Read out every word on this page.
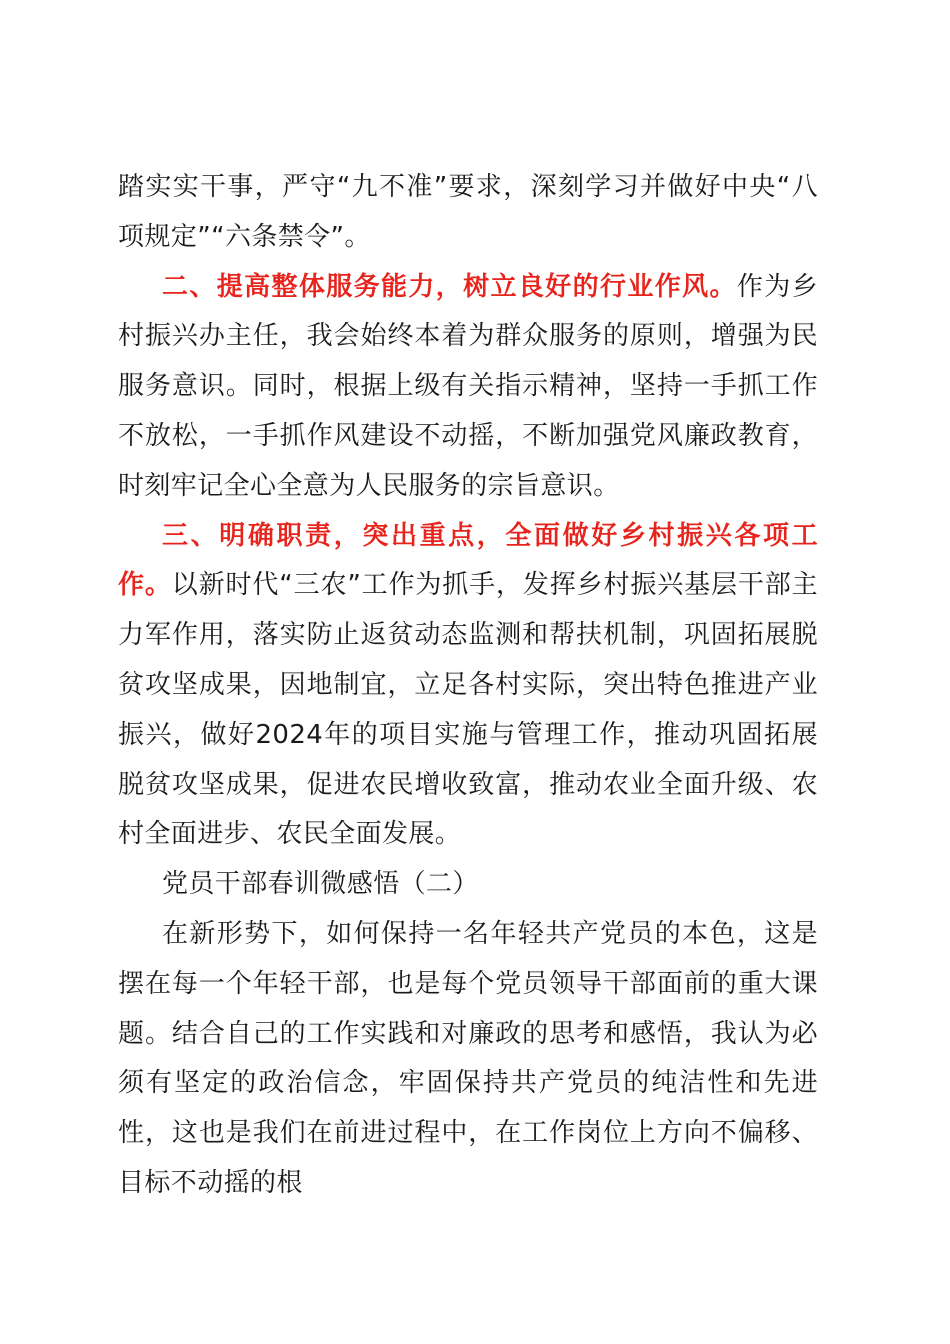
踏实实干事，严守“九不准”要求，深刻学习并做好中央“八项规定”“六条禁令”。

二、提高整体服务能力，树立良好的行业作风。作为乡村振兴办主任，我会始终本着为群众服务的原则，增强为民服务意识。同时，根据上级有关指示精神，坚持一手抓工作不放松，一手抓作风建设不动摇，不断加强党风廉政教育，时刻牢记全心全意为人民服务的宗旨意识。

三、明确职责，突出重点，全面做好乡村振兴各项工作。以新时代“三农”工作为抓手，发挥乡村振兴基层干部主力军作用，落实防止返贫动态监测和帮扶机制，巩固拓展脱贫攻坚成果，因地制宜，立足各村实际，突出特色推进产业振兴，做好2024年的项目实施与管理工作，推动巩固拓展脱贫攻坚成果，促进农民增收致富，推动农业全面升级、农村全面进步、农民全面发展。

党员干部春训微感悟（二）

在新形势下，如何保持一名年轻共产党员的本色，这是摆在每一个年轻干部，也是每个党员领导干部面前的重大课题。结合自己的工作实践和对廉政的思考和感悟，我认为必须有坚定的政治信念，牢固保持共产党员的纯洁性和先进性，这也是我们在前进过程中，在工作岗位上方向不偏移、目标不动摇的根
